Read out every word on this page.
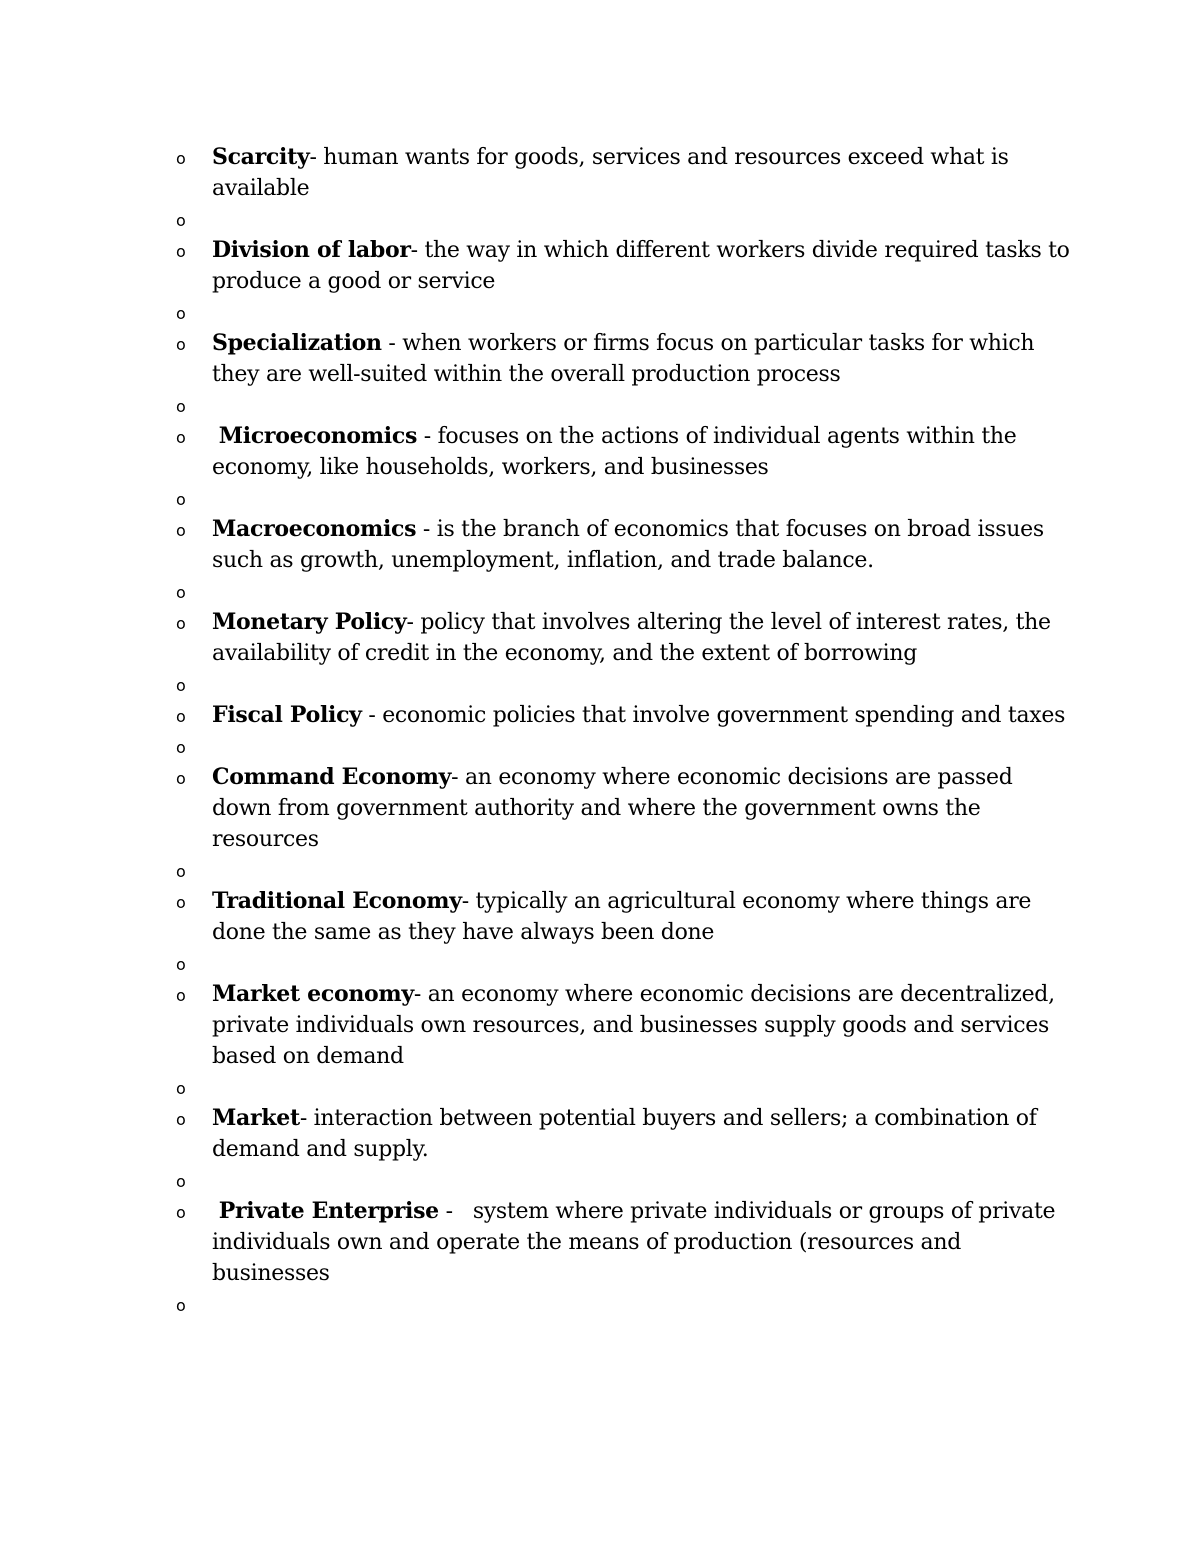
o Scarcity- human wants for goods, services and resources exceed what is available
o
o Division of labor- the way in which different workers divide required tasks to produce a good or service
o
o Specialization - when workers or firms focus on particular tasks for which they are well-suited within the overall production process
o
o Microeconomics - focuses on the actions of individual agents within the economy, like households, workers, and businesses
o
o Macroeconomics - is the branch of economics that focuses on broad issues such as growth, unemployment, inflation, and trade balance.
o
o Monetary Policy- policy that involves altering the level of interest rates, the availability of credit in the economy, and the extent of borrowing
o
o Fiscal Policy - economic policies that involve government spending and taxes
o
o Command Economy- an economy where economic decisions are passed down from government authority and where the government owns the resources
o
o Traditional Economy- typically an agricultural economy where things are done the same as they have always been done
o
o Market economy- an economy where economic decisions are decentralized, private individuals own resources, and businesses supply goods and services based on demand
o
o Market- interaction between potential buyers and sellers; a combination of demand and supply.
o
o Private Enterprise -   system where private individuals or groups of private individuals own and operate the means of production (resources and businesses
o
